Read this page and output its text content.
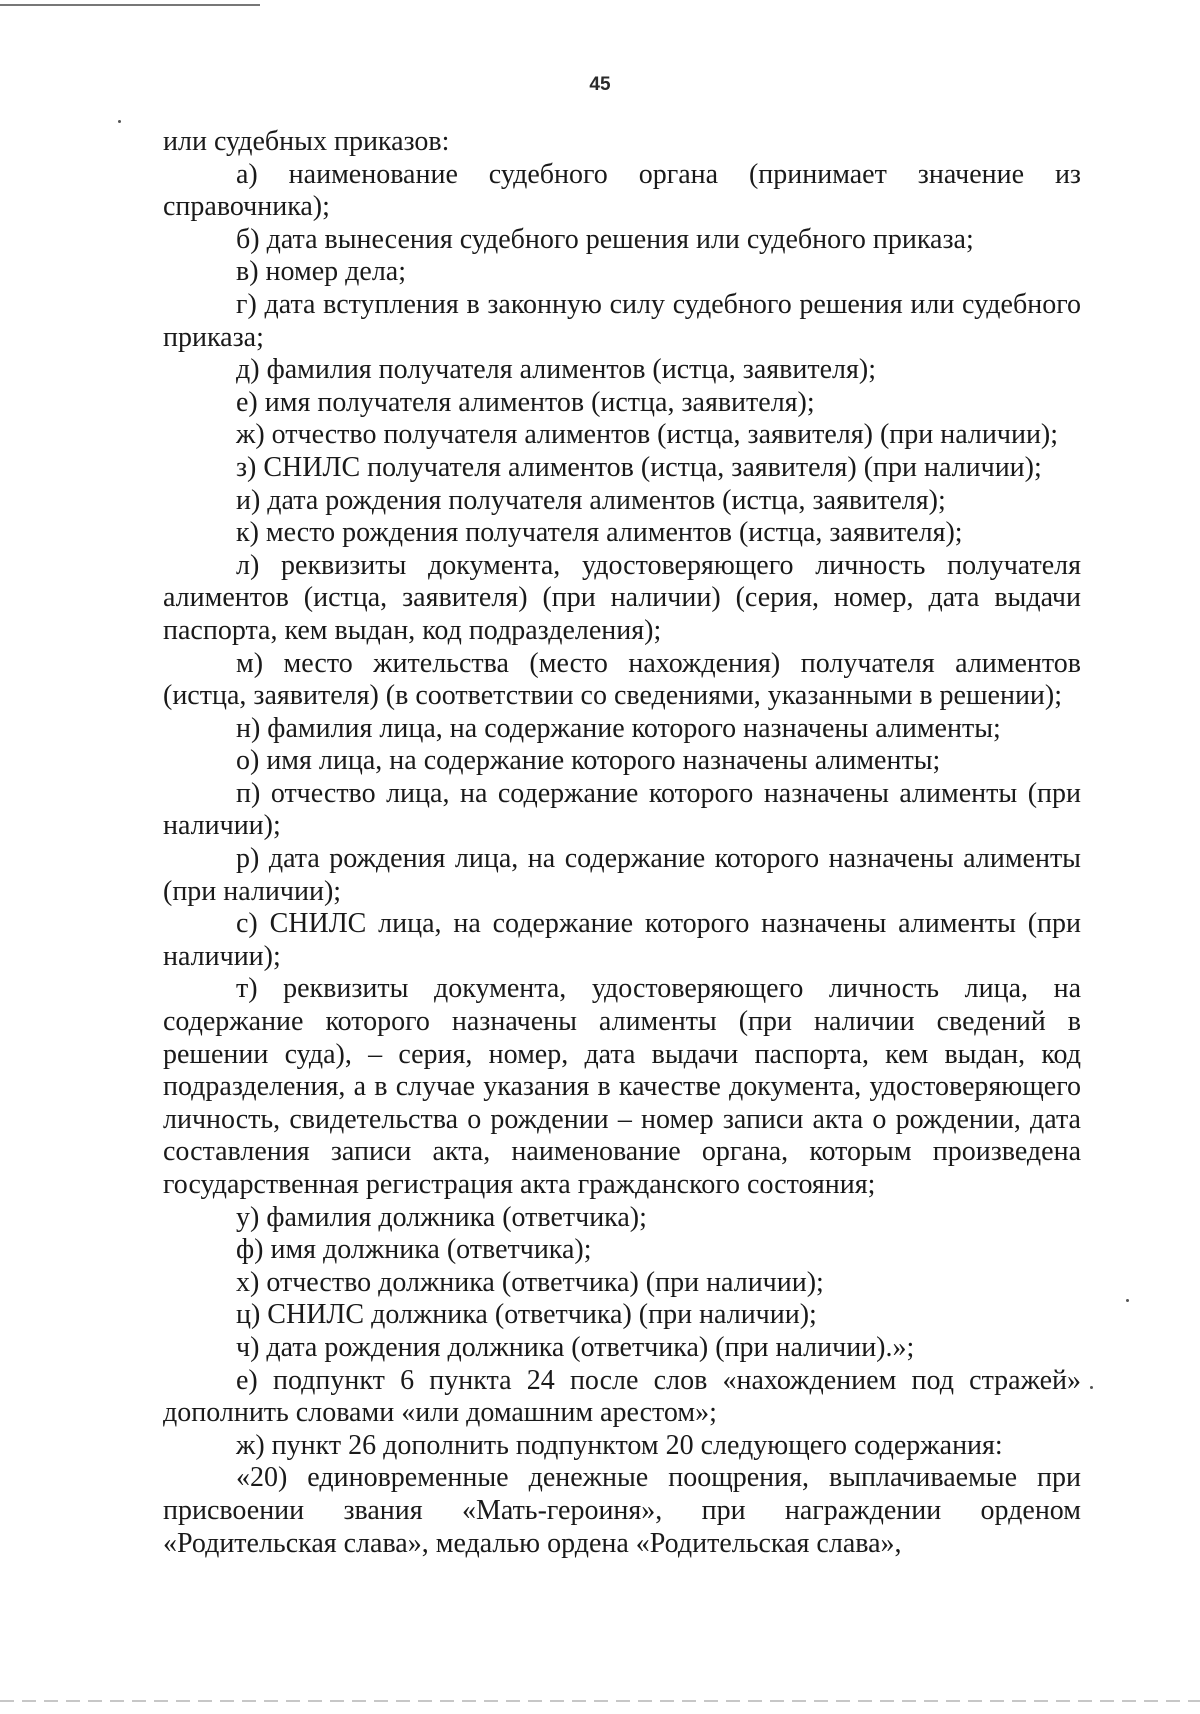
45

или судебных приказов:

а) наименование судебного органа (принимает значение из справочника);

б) дата вынесения судебного решения или судебного приказа;

в) номер дела;

г) дата вступления в законную силу судебного решения или судебного приказа;

д) фамилия получателя алиментов (истца, заявителя);

е) имя получателя алиментов (истца, заявителя);

ж) отчество получателя алиментов (истца, заявителя) (при наличии);

з) СНИЛС получателя алиментов (истца, заявителя) (при наличии);

и) дата рождения получателя алиментов (истца, заявителя);

к) место рождения получателя алиментов (истца, заявителя);

л) реквизиты документа, удостоверяющего личность получателя алиментов (истца, заявителя) (при наличии) (серия, номер, дата выдачи паспорта, кем выдан, код подразделения);

м) место жительства (место нахождения) получателя алиментов (истца, заявителя) (в соответствии со сведениями, указанными в решении);

н) фамилия лица, на содержание которого назначены алименты;

о) имя лица, на содержание которого назначены алименты;

п) отчество лица, на содержание которого назначены алименты (при наличии);

р) дата рождения лица, на содержание которого назначены алименты (при наличии);

с) СНИЛС лица, на содержание которого назначены алименты (при наличии);

т) реквизиты документа, удостоверяющего личность лица, на содержание которого назначены алименты (при наличии сведений в решении суда), – серия, номер, дата выдачи паспорта, кем выдан, код подразделения, а в случае указания в качестве документа, удостоверяющего личность, свидетельства о рождении – номер записи акта о рождении, дата составления записи акта, наименование органа, которым произведена государственная регистрация акта гражданского состояния;

у) фамилия должника (ответчика);

ф) имя должника (ответчика);

х) отчество должника (ответчика) (при наличии);

ц) СНИЛС должника (ответчика) (при наличии);

ч) дата рождения должника (ответчика) (при наличии).»;

е) подпункт 6 пункта 24 после слов «нахождением под стражей» дополнить словами «или домашним арестом»;

ж) пункт 26 дополнить подпунктом 20 следующего содержания:

«20) единовременные денежные поощрения, выплачиваемые при присвоении звания «Мать-героиня», при награждении орденом «Родительская слава», медалью ордена «Родительская слава»,
